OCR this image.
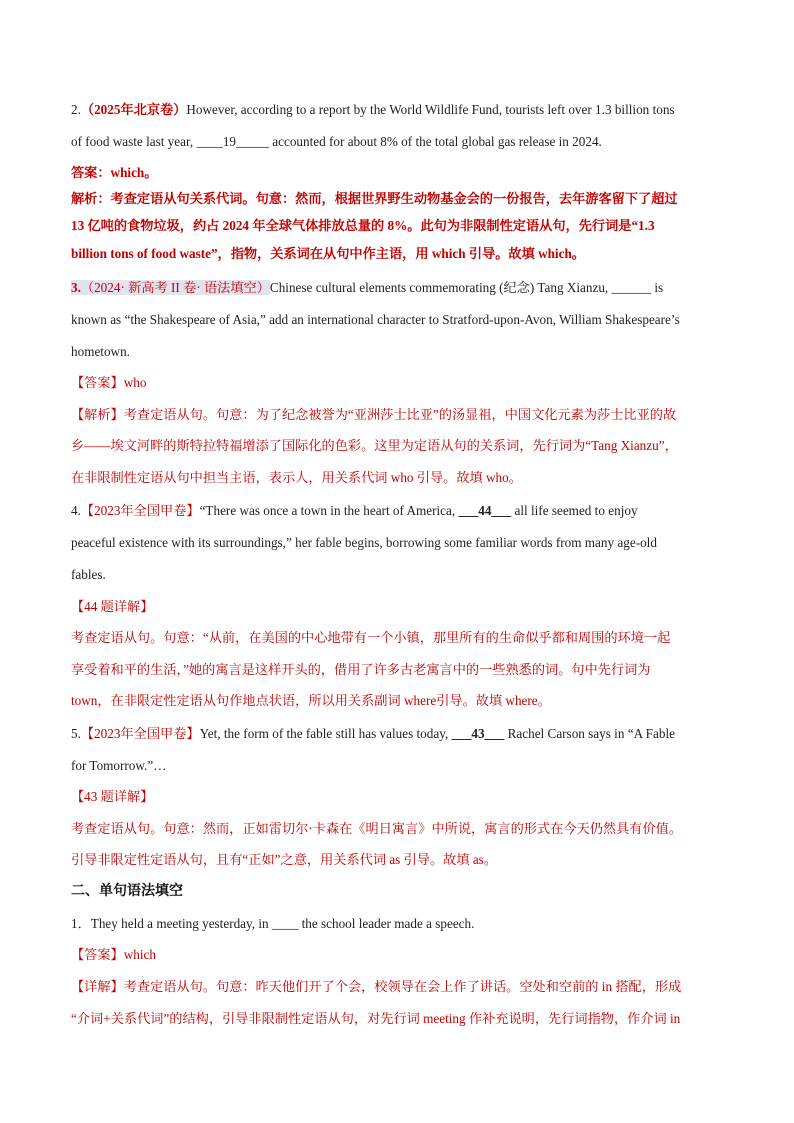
2.（2025年北京卷）However, according to a report by the World Wildlife Fund, tourists left over 1.3 billion tons
of food waste last year, ____19_____ accounted for about 8% of the total global gas release in 2024.
答案：which。
解析：考查定语从句关系代词。句意：然而，根据世界野生动物基金会的一份报告，去年游客留下了超过
13 亿吨的食物垃圾，约占 2024 年全球气体排放总量的 8%。此句为非限制性定语从句，先行词是“1.3
billion tons of food waste”，指物，关系词在从句中作主语，用 which 引导。故填 which。
3.（2024· 新高考 II 卷· 语法填空）Chinese cultural elements commemorating (纪念) Tang Xianzu, ______ is
known as “the Shakespeare of Asia,” add an international character to Stratford-upon-Avon, William Shakespeare’s
hometown.
【答案】who
【解析】考查定语从句。句意：为了纪念被誉为“亚洲莎士比亚”的汤显祖，中国文化元素为莎士比亚的故
乡——埃文河畔的斯特拉特福增添了国际化的色彩。这里为定语从句的关系词，先行词为“Tang Xianzu”，
在非限制性定语从句中担当主语，表示人，用关系代词 who 引导。故填 who。
4.【2023年全国甲卷】“There was once a town in the heart of America, ___44___ all life seemed to enjoy
peaceful existence with its surroundings,” her fable begins, borrowing some familiar words from many age-old
fables.
【44 题详解】
考查定语从句。句意：“从前，在美国的中心地带有一个小镇，那里所有的生命似乎都和周围的环境一起
享受着和平的生活，”她的寓言是这样开头的，借用了许多古老寓言中的一些熟悉的词。句中先行词为
town，在非限定性定语从句作地点状语，所以用关系副词 where引导。故填 where。
5.【2023年全国甲卷】Yet, the form of the fable still has values today, ___43___ Rachel Carson says in “A Fable
for Tomorrow.”…
【43 题详解】
考查定语从句。句意：然而，正如雷切尔·卡森在《明日寓言》中所说，寓言的形式在今天仍然具有价值。
引导非限定性定语从句，且有“正如”之意，用关系代词 as 引导。故填 as。
二、单句语法填空
1．They held a meeting yesterday, in ____ the school leader made a speech.
【答案】which
【详解】考查定语从句。句意：昨天他们开了个会，校领导在会上作了讲话。空处和空前的 in 搭配，形成
“介词+关系代词”的结构，引导非限制性定语从句，对先行词 meeting 作补充说明，先行词指物，作介词 in
